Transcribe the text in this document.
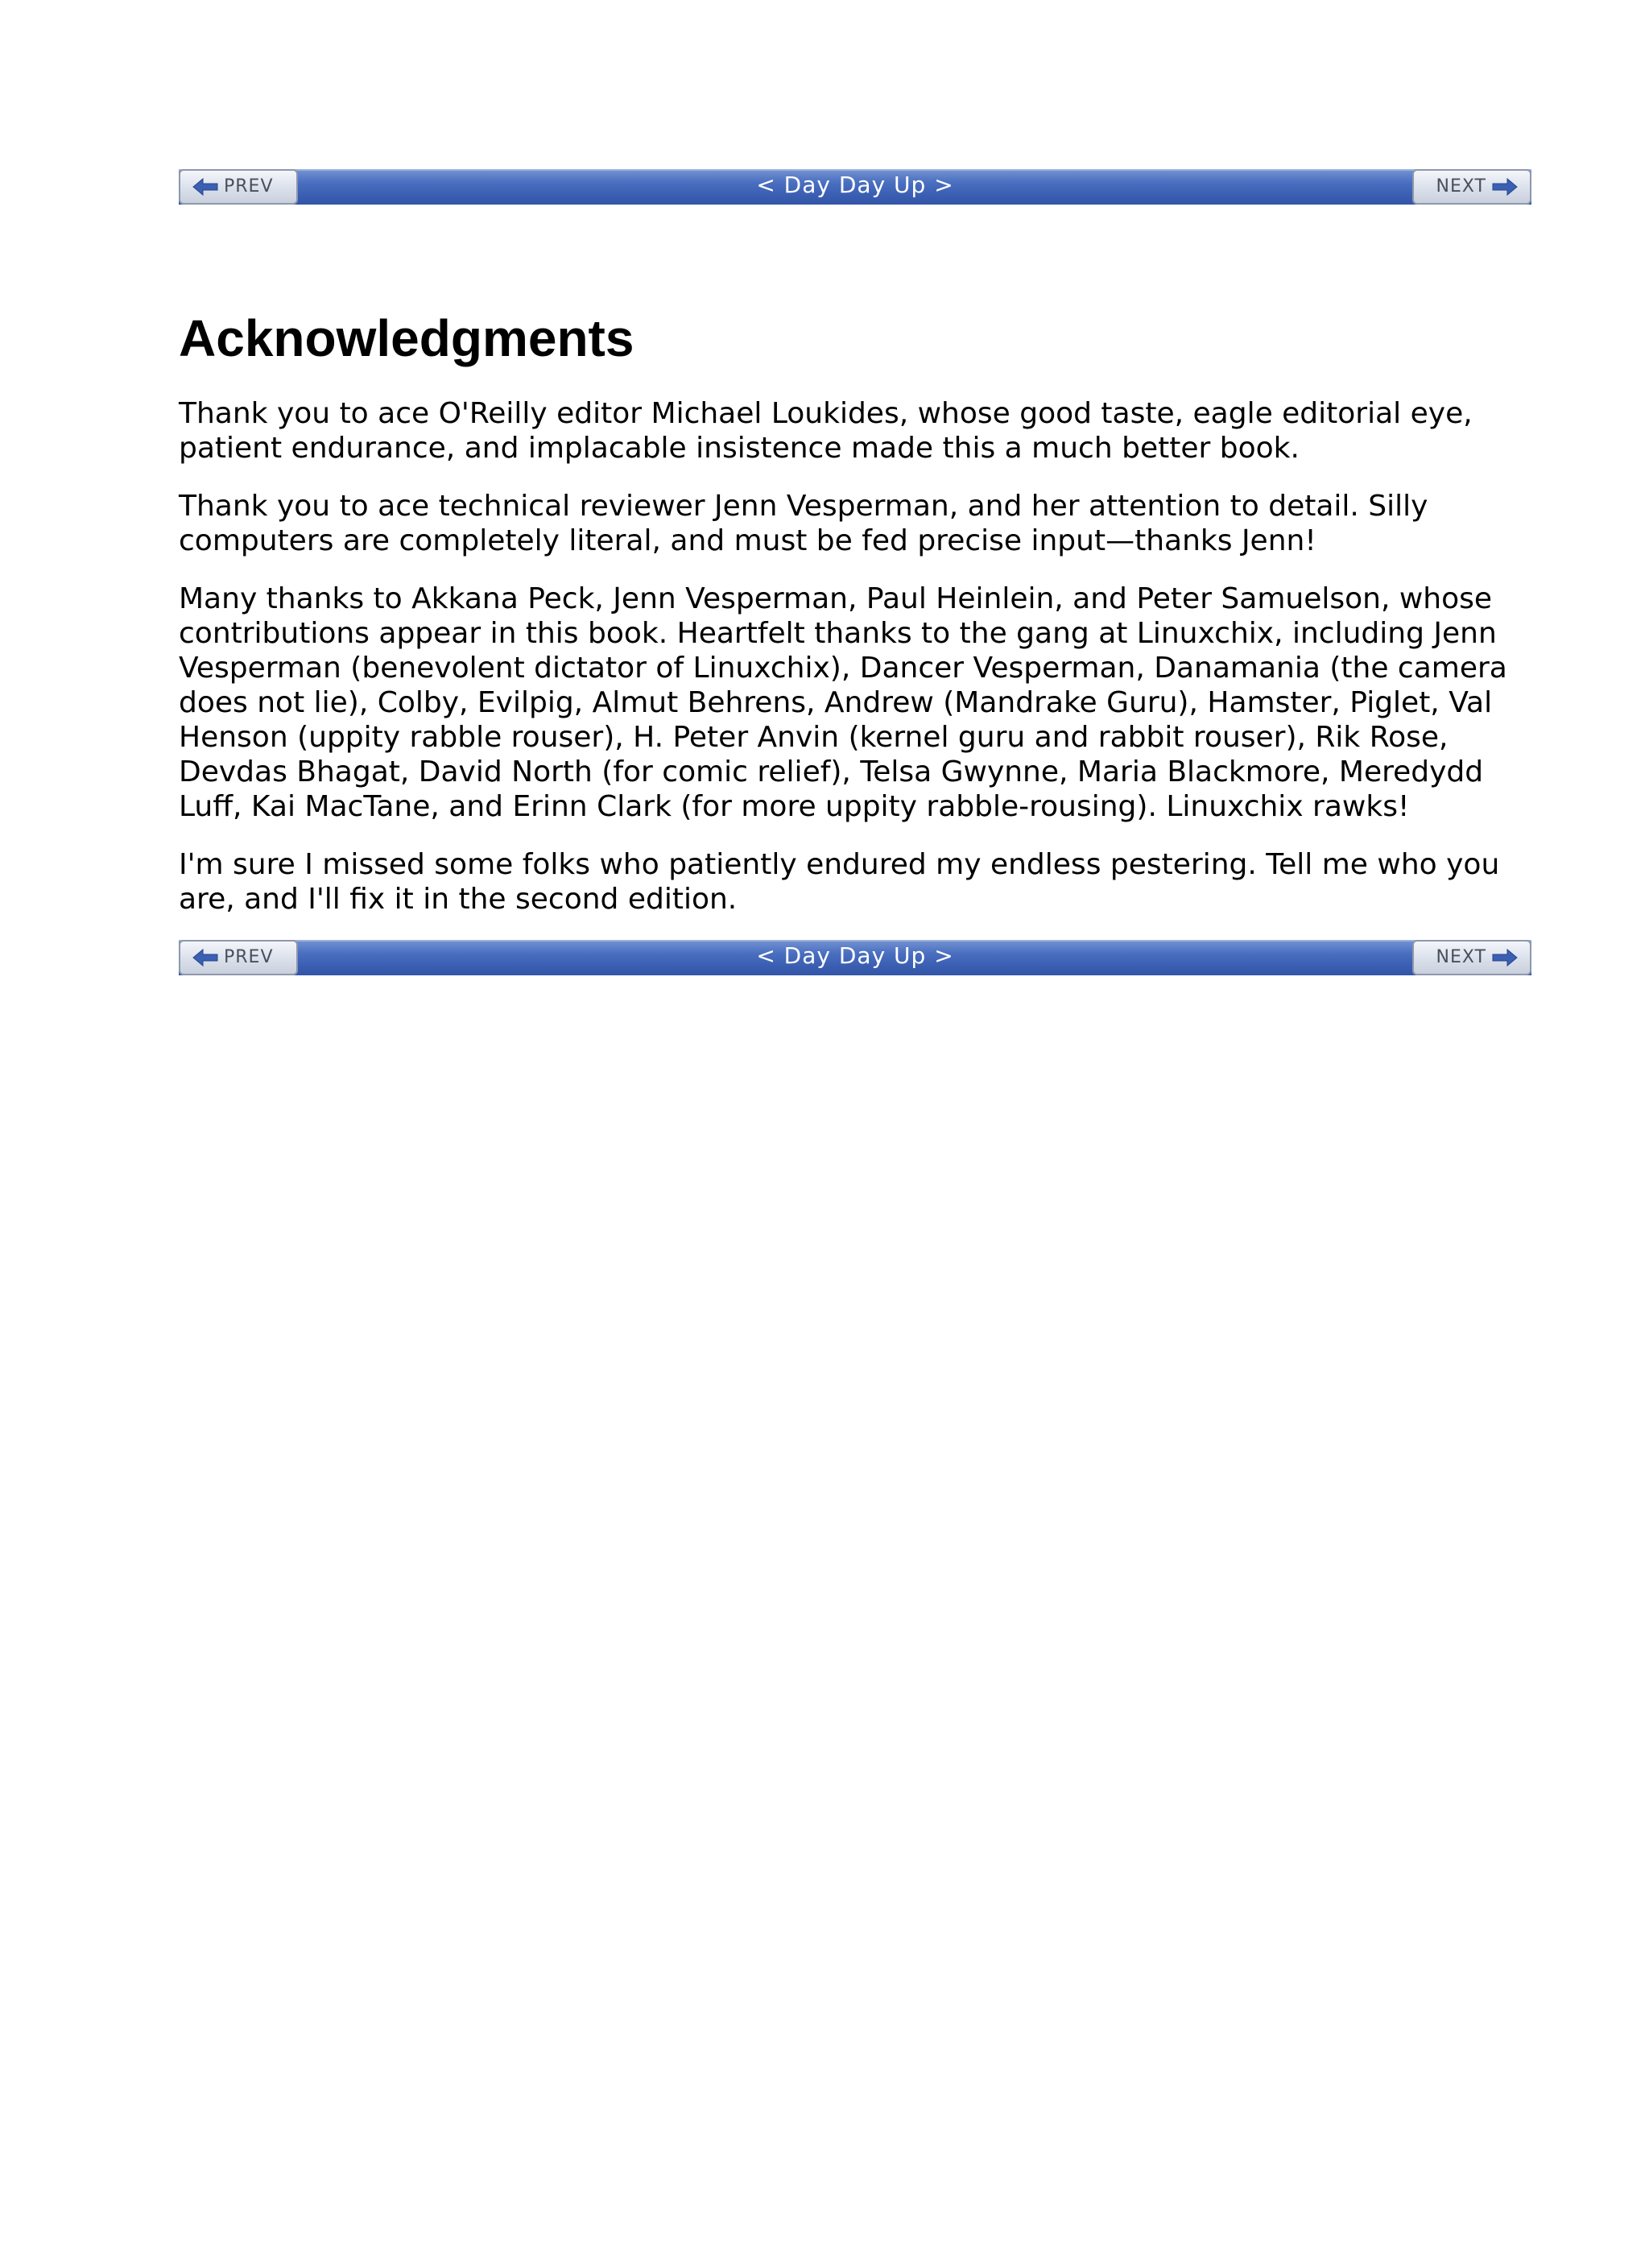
PREV	< Day Day Up >	NEXT
Acknowledgments

Thank you to ace O'Reilly editor Michael Loukides, whose good taste, eagle editorial eye, patient endurance, and implacable insistence made this a much better book.

Thank you to ace technical reviewer Jenn Vesperman, and her attention to detail. Silly computers are completely literal, and must be fed precise input—thanks Jenn!

Many thanks to Akkana Peck, Jenn Vesperman, Paul Heinlein, and Peter Samuelson, whose contributions appear in this book. Heartfelt thanks to the gang at Linuxchix, including Jenn Vesperman (benevolent dictator of Linuxchix), Dancer Vesperman, Danamania (the camera does not lie), Colby, Evilpig, Almut Behrens, Andrew (Mandrake Guru), Hamster, Piglet, Val Henson (uppity rabble rouser), H. Peter Anvin (kernel guru and rabbit rouser), Rik Rose, Devdas Bhagat, David North (for comic relief), Telsa Gwynne, Maria Blackmore, Meredydd Luff, Kai MacTane, and Erinn Clark (for more uppity rabble-rousing). Linuxchix rawks!

I'm sure I missed some folks who patiently endured my endless pestering. Tell me who you are, and I'll fix it in the second edition.

PREV	< Day Day Up >	NEXT
